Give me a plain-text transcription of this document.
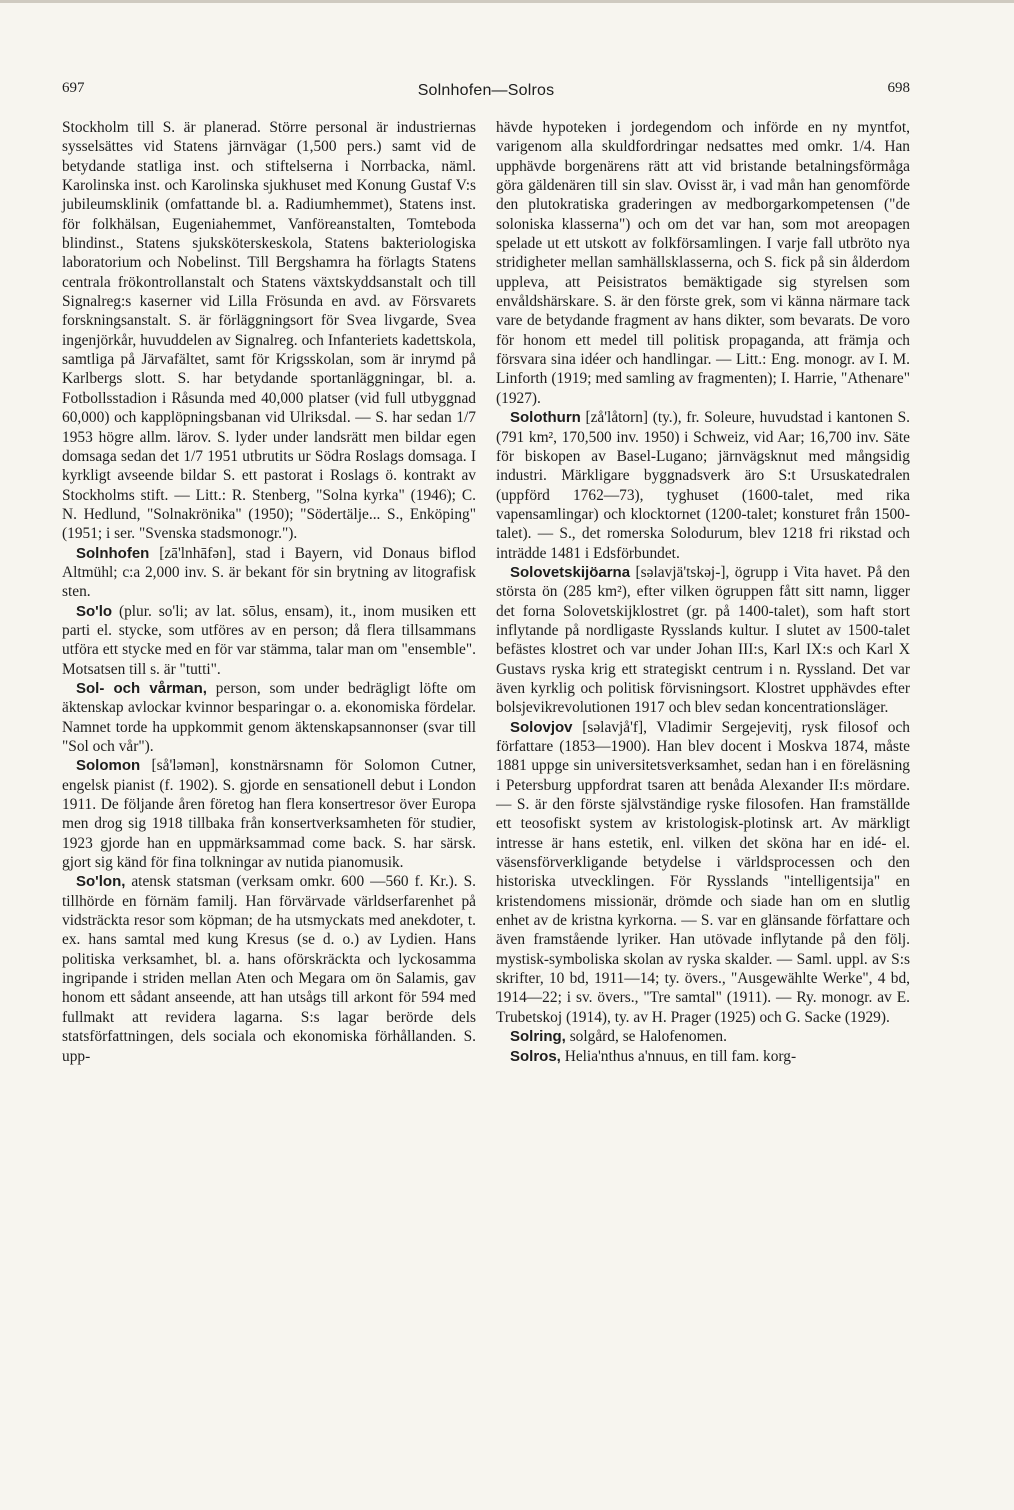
697	Solnhofen—Solros	698

Stockholm till S. är planerad. Större personal är industriernas sysselsättes vid Statens järnvägar (1,500 pers.) samt vid de betydande statliga inst. och stiftelserna i Norrbacka, näml. Karolinska inst. och Karolinska sjukhuset med Konung Gustaf V:s jubileumsklinik (omfattande bl. a. Radiumhemmet), Statens inst. för folkhälsan, Eugeniahemmet, Vanföreanstalten, Tomteboda blindinst., Statens sjuksköterskeskola, Statens bakteriologiska laboratorium och Nobelinst. Till Bergshamra ha förlagts Statens centrala frökontrollanstalt och Statens växtskyddsanstalt och till Signalreg:s kaserner vid Lilla Frösunda en avd. av Försvarets forskningsanstalt. S. är förläggningsort för Svea livgarde, Svea ingenjörkår, huvuddelen av Signalreg. och Infanteriets kadettskola, samtliga på Järvafältet, samt för Krigsskolan, som är inrymd på Karlbergs slott. S. har betydande sportanläggningar, bl. a. Fotbollsstadion i Råsunda med 40,000 platser (vid full utbyggnad 60,000) och kapplöpningsbanan vid Ulriksdal. — S. har sedan 1/7 1953 högre allm. lärov. S. lyder under landsrätt men bildar egen domsaga sedan det 1/7 1951 utbrutits ur Södra Roslags domsaga. I kyrkligt avseende bildar S. ett pastorat i Roslags ö. kontrakt av Stockholms stift. — Litt.: R. Stenberg, "Solna kyrka" (1946); C. N. Hedlund, "Solnakrönika" (1950); "Södertälje... S., Enköping" (1951; i ser. "Svenska stadsmonogr.").

Solnhofen [zā'lnhāfən], stad i Bayern, vid Donaus biflod Altmühl; c:a 2,000 inv. S. är bekant för sin brytning av litografisk sten.

So'lo (plur. so'li; av lat. sōlus, ensam), it., inom musiken ett parti el. stycke, som utföres av en person; då flera tillsammans utföra ett stycke med en för var stämma, talar man om "ensemble". Motsatsen till s. är "tutti".

Sol- och vårman, person, som under bedrägligt löfte om äktenskap avlockar kvinnor besparingar o. a. ekonomiska fördelar. Namnet torde ha uppkommit genom äktenskapsannonser (svar till "Sol och vår").

Solomon [så'ləmən], konstnärsnamn för Solomon Cutner, engelsk pianist (f. 1902). S. gjorde en sensationell debut i London 1911. De följande åren företog han flera konsertresor över Europa men drog sig 1918 tillbaka från konsertverksamheten för studier, 1923 gjorde han en uppmärksammad come back. S. har särsk. gjort sig känd för fina tolkningar av nutida pianomusik.

So'lon, atensk statsman (verksam omkr. 600 —560 f. Kr.). S. tillhörde en förnäm familj. Han förvärvade världserfarenhet på vidsträckta resor som köpman; de ha utsmyckats med anekdoter, t. ex. hans samtal med kung Kresus (se d. o.) av Lydien. Hans politiska verksamhet, bl. a. hans oförskräckta och lyckosamma ingripande i striden mellan Aten och Megara om ön Salamis, gav honom ett sådant anseende, att han utsågs till arkont för 594 med fullmakt att revidera lagarna. S:s lagar berörde dels statsförfattningen, dels sociala och ekonomiska förhållanden. S. upp-

hävde hypoteken i jordegendom och införde en ny myntfot, varigenom alla skuldfordringar nedsattes med omkr. 1/4. Han upphävde borgenärens rätt att vid bristande betalningsförmåga göra gäldenären till sin slav. Ovisst är, i vad mån han genomförde den plutokratiska graderingen av medborgarkompetensen ("de soloniska klasserna") och om det var han, som mot areopagen spelade ut ett utskott av folkförsamlingen. I varje fall utbröto nya stridigheter mellan samhällsklasserna, och S. fick på sin ålderdom uppleva, att Peisistratos bemäktigade sig styrelsen som envåldshärskare. S. är den förste grek, som vi känna närmare tack vare de betydande fragment av hans dikter, som bevarats. De voro för honom ett medel till politisk propaganda, att främja och försvara sina idéer och handlingar. — Litt.: Eng. monogr. av I. M. Linforth (1919; med samling av fragmenten); I. Harrie, "Athenare" (1927).

Solothurn [zå'låtorn] (ty.), fr. Soleure, huvudstad i kantonen S. (791 km², 170,500 inv. 1950) i Schweiz, vid Aar; 16,700 inv. Säte för biskopen av Basel-Lugano; järnvägsknut med mångsidig industri. Märkligare byggnadsverk äro S:t Ursuskatedralen (uppförd 1762—73), tyghuset (1600-talet, med rika vapensamlingar) och klocktornet (1200-talet; konsturet från 1500-talet). — S., det romerska Solodurum, blev 1218 fri rikstad och inträdde 1481 i Edsförbundet.

Solovetskijöarna [səlavjä'tskəj-], ögrupp i Vita havet. På den största ön (285 km²), efter vilken ögruppen fått sitt namn, ligger det forna Solovetskijklostret (gr. på 1400-talet), som haft stort inflytande på nordligaste Rysslands kultur. I slutet av 1500-talet befästes klostret och var under Johan III:s, Karl IX:s och Karl X Gustavs ryska krig ett strategiskt centrum i n. Ryssland. Det var även kyrklig och politisk förvisningsort. Klostret upphävdes efter bolsjevikrevolutionen 1917 och blev sedan koncentrationsläger.

Solovjov [səlavjå'f], Vladimir Sergejevitj, rysk filosof och författare (1853—1900). Han blev docent i Moskva 1874, måste 1881 uppge sin universitetsverksamhet, sedan han i en föreläsning i Petersburg uppfordrat tsaren att benåda Alexander II:s mördare. — S. är den förste självständige ryske filosofen. Han framställde ett teosofiskt system av kristologisk-plotinsk art. Av märkligt intresse är hans estetik, enl. vilken det sköna har en idé- el. väsensförverkligande betydelse i världsprocessen och den historiska utvecklingen. För Rysslands "intelligentsija" en kristendomens missionär, drömde och siade han om en slutlig enhet av de kristna kyrkorna. — S. var en glänsande författare och även framstående lyriker. Han utövade inflytande på den följ. mystisk-symboliska skolan av ryska skalder. — Saml. uppl. av S:s skrifter, 10 bd, 1911—14; ty. övers., "Ausgewählte Werke", 4 bd, 1914—22; i sv. övers., "Tre samtal" (1911). — Ry. monogr. av E. Trubetskoj (1914), ty. av H. Prager (1925) och G. Sacke (1929).

Solring, solgård, se Halofenomen.

Solros, Helia'nthus a'nnuus, en till fam. korg-
